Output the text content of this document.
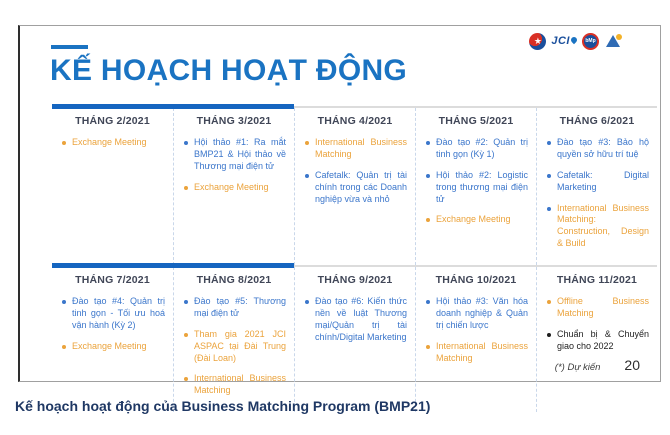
KẾ HOẠCH HOẠT ĐỘNG
★ JCI	bMp
THÁNG 2/2021
Exchange Meeting
THÁNG 3/2021
Hội thảo #1: Ra mắt BMP21 & Hội thảo về Thương mại điện tử
Exchange Meeting
THÁNG 4/2021
International Business Matching
Cafetalk: Quản trị tài chính trong các Doanh nghiệp vừa và nhỏ
THÁNG 5/2021
Đào tạo #2: Quản trị tinh gọn (Kỳ 1)
Hội thảo #2: Logistic trong thương mại điện tử
Exchange Meeting
THÁNG 6/2021
Đào tạo #3: Bảo hộ quyền sở hữu trí tuệ
Cafetalk: Digital Marketing
International Business Matching: Construction, Design & Build
THÁNG 7/2021
Đào tạo #4: Quản trị tinh gọn - Tối ưu hoá vận hành (Kỳ 2)
Exchange Meeting
THÁNG 8/2021
Đào tạo #5: Thương mại điện tử
Tham gia 2021 JCI ASPAC tại Đài Trung (Đài Loan)
International Business Matching
THÁNG 9/2021
Đào tạo #6: Kiến thức nền về luật Thương mại/Quản trị tài chính/Digital Marketing
THÁNG 10/2021
Hội thảo #3: Văn hóa doanh nghiệp & Quản trị chiến lược
International Business Matching
THÁNG 11/2021
Offline Business Matching
Chuẩn bị & Chuyển giao cho 2022
(*) Dự kiến 20
Kế hoạch hoạt động của Business Matching Program (BMP21)
